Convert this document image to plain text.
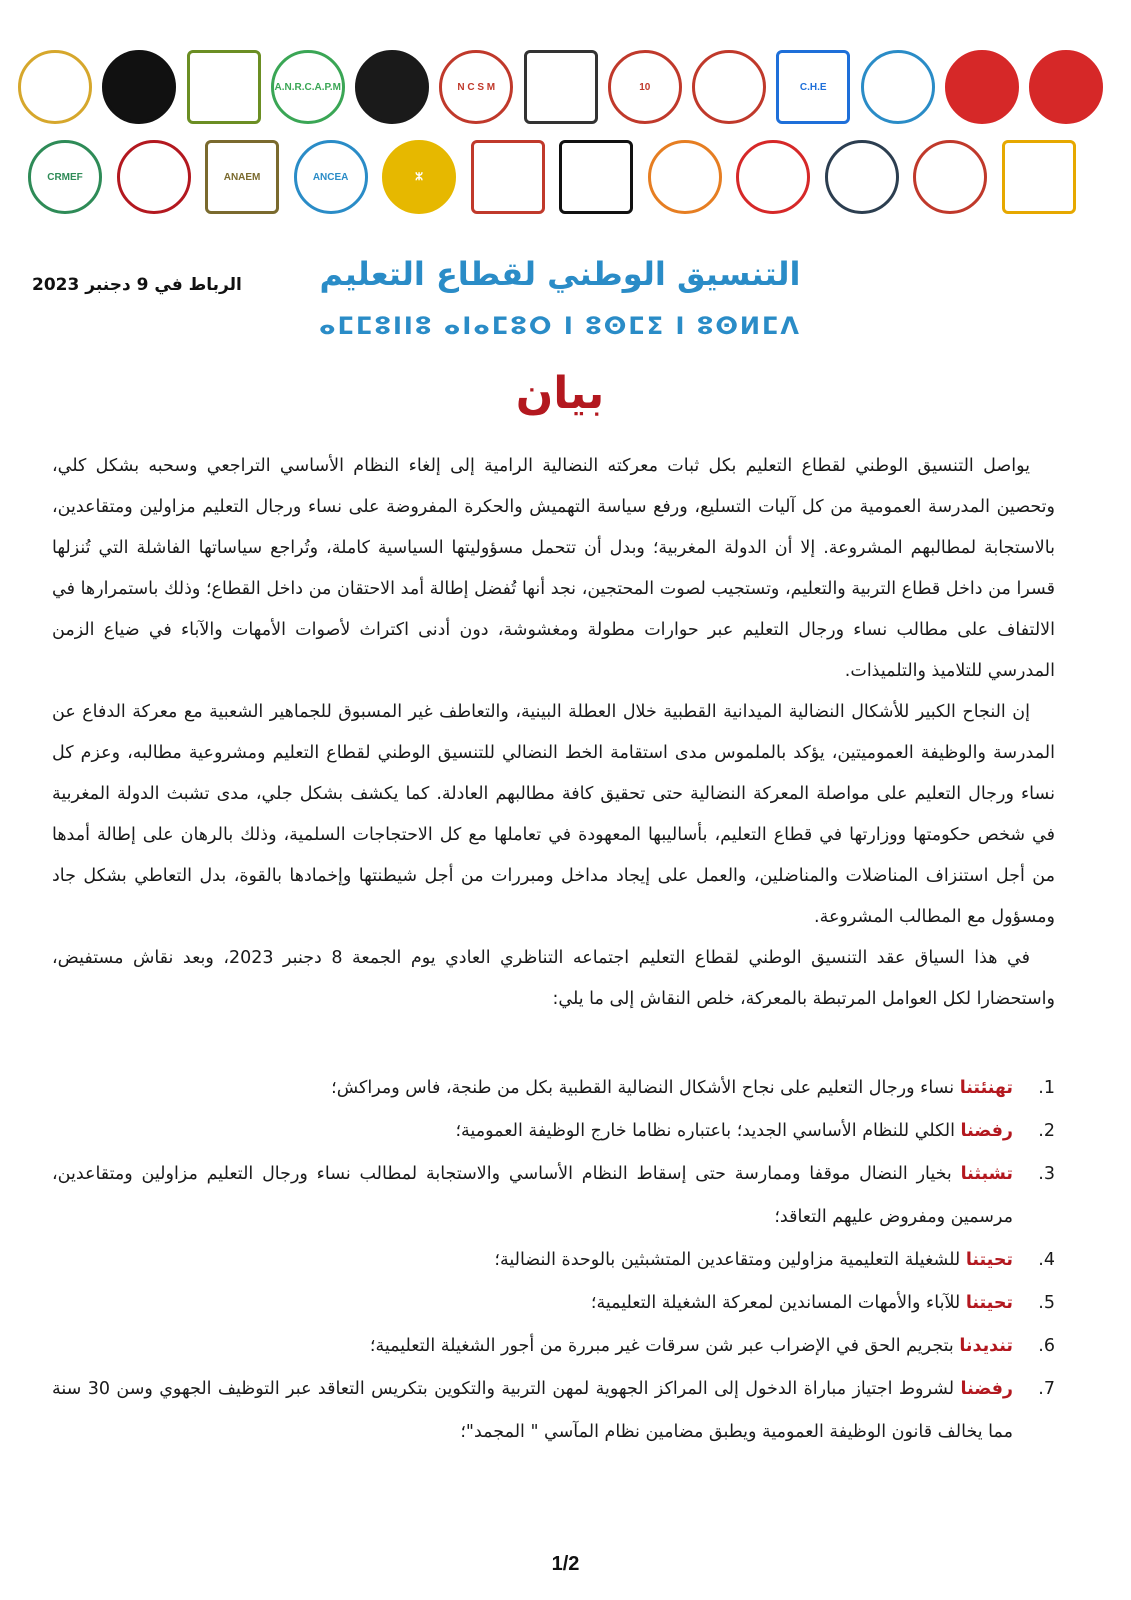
A.N.R.C.A.P.M	N C S M	10	C.H.E
CRMEF	ANAEM	ANCEA	ⵣ
الرباط في 9 دجنبر 2023	التنسيق الوطني لقطاع التعليم
ⴰⵎⵎⵓⵏⵏⵓ ⴰⵏⴰⵎⵓⵔ ⵏ ⵓⵙⵎⵉ ⵏ ⵓⵙⵍⵎⴷ
بيان

يواصل التنسيق الوطني لقطاع التعليم بكل ثبات معركته النضالية الرامية إلى إلغاء النظام الأساسي التراجعي وسحبه بشكل كلي، وتحصين المدرسة العمومية من كل آليات التسليع، ورفع سياسة التهميش والحكرة المفروضة على نساء ورجال التعليم مزاولين ومتقاعدين، بالاستجابة لمطالبهم المشروعة. إلا أن الدولة المغربية؛ وبدل أن تتحمل مسؤوليتها السياسية كاملة، وتُراجع سياساتها الفاشلة التي تُنزلها قسرا من داخل قطاع التربية والتعليم، وتستجيب لصوت المحتجين، نجد أنها تُفضل إطالة أمد الاحتقان من داخل القطاع؛ وذلك باستمرارها في الالتفاف على مطالب نساء ورجال التعليم عبر حوارات مطولة ومغشوشة، دون أدنى اكتراث لأصوات الأمهات والآباء في ضياع الزمن المدرسي للتلاميذ والتلميذات.

إن النجاح الكبير للأشكال النضالية الميدانية القطبية خلال العطلة البينية، والتعاطف غير المسبوق للجماهير الشعبية مع معركة الدفاع عن المدرسة والوظيفة العموميتين، يؤكد بالملموس مدى استقامة الخط النضالي للتنسيق الوطني لقطاع التعليم ومشروعية مطالبه، وعزم كل نساء ورجال التعليم على مواصلة المعركة النضالية حتى تحقيق كافة مطالبهم العادلة. كما يكشف بشكل جلي، مدى تشبث الدولة المغربية في شخص حكومتها ووزارتها في قطاع التعليم، بأساليبها المعهودة في تعاملها مع كل الاحتجاجات السلمية، وذلك بالرهان على إطالة أمدها من أجل استنزاف المناضلات والمناضلين، والعمل على إيجاد مداخل ومبررات من أجل شيطنتها وإخمادها بالقوة، بدل التعاطي بشكل جاد ومسؤول مع المطالب المشروعة.

في هذا السياق عقد التنسيق الوطني لقطاع التعليم اجتماعه التناظري العادي يوم الجمعة 8 دجنبر 2023، وبعد نقاش مستفيض، واستحضارا لكل العوامل المرتبطة بالمعركة، خلص النقاش إلى ما يلي:

1.
تهنئتنا نساء ورجال التعليم على نجاح الأشكال النضالية القطبية بكل من طنجة، فاس ومراكش؛
2.
رفضنا الكلي للنظام الأساسي الجديد؛ باعتباره نظاما خارج الوظيفة العمومية؛
3.
تشبثنا بخيار النضال موقفا وممارسة حتى إسقاط النظام الأساسي والاستجابة لمطالب نساء ورجال التعليم مزاولين ومتقاعدين، مرسمين ومفروض عليهم التعاقد؛
4.
تحيتنا للشغيلة التعليمية مزاولين ومتقاعدين المتشبثين بالوحدة النضالية؛
5.
تحيتنا للآباء والأمهات المساندين لمعركة الشغيلة التعليمية؛
6.
تنديدنا بتجريم الحق في الإضراب عبر شن سرقات غير مبررة من أجور الشغيلة التعليمية؛
7.
رفضنا لشروط اجتياز مباراة الدخول إلى المراكز الجهوية لمهن التربية والتكوين بتكريس التعاقد عبر التوظيف الجهوي وسن 30 سنة مما يخالف قانون الوظيفة العمومية ويطبق مضامين نظام المآسي " المجمد"؛
1/2
